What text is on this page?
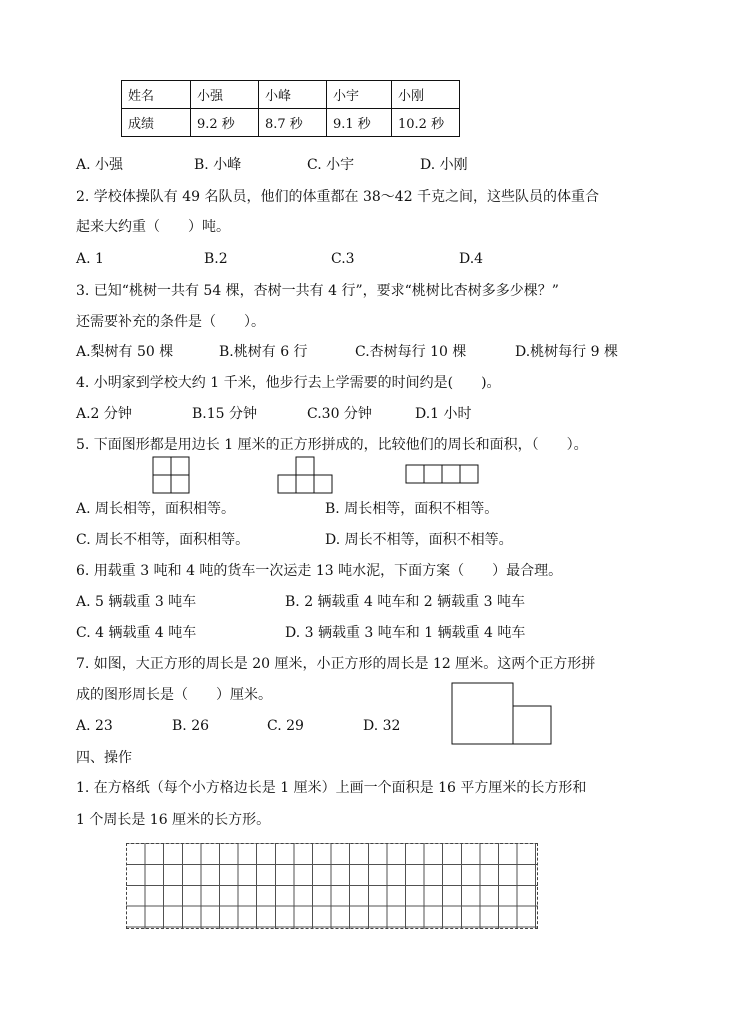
姓名	小强	小峰	小宇	小刚
成绩	9.2 秒	8.7 秒	9.1 秒	10.2 秒
A. 小强	B. 小峰	C. 小宇	D. 小刚
2. 学校体操队有 49 名队员，他们的体重都在 38～42 千克之间，这些队员的体重合
起来大约重（　　）吨。
A. 1	B.2	C.3	D.4
3. 已知“桃树一共有 54 棵，杏树一共有 4 行”，要求“桃树比杏树多多少棵？”
还需要补充的条件是（　　）。
A.梨树有 50 棵	B.桃树有 6 行	C.杏树每行 10 棵	D.桃树每行 9 棵
4. 小明家到学校大约 1 千米，他步行去上学需要的时间约是(　　)。
A.2 分钟	B.15 分钟	C.30 分钟	D.1 小时
5. 下面图形都是用边长 1 厘米的正方形拼成的，比较他们的周长和面积，（　　）。
A. 周长相等，面积相等。	B. 周长相等，面积不相等。
C. 周长不相等，面积相等。	D. 周长不相等，面积不相等。
6. 用载重 3 吨和 4 吨的货车一次运走 13 吨水泥，下面方案（　　）最合理。
A. 5 辆载重 3 吨车	B. 2 辆载重 4 吨车和 2 辆载重 3 吨车
C. 4 辆载重 4 吨车	D. 3 辆载重 3 吨车和 1 辆载重 4 吨车
7. 如图，大正方形的周长是 20 厘米，小正方形的周长是 12 厘米。这两个正方形拼
成的图形周长是（　　）厘米。
A. 23	B. 26	C. 29	D. 32
四、操作
1. 在方格纸（每个小方格边长是 1 厘米）上画一个面积是 16 平方厘米的长方形和
1 个周长是 16 厘米的长方形。
